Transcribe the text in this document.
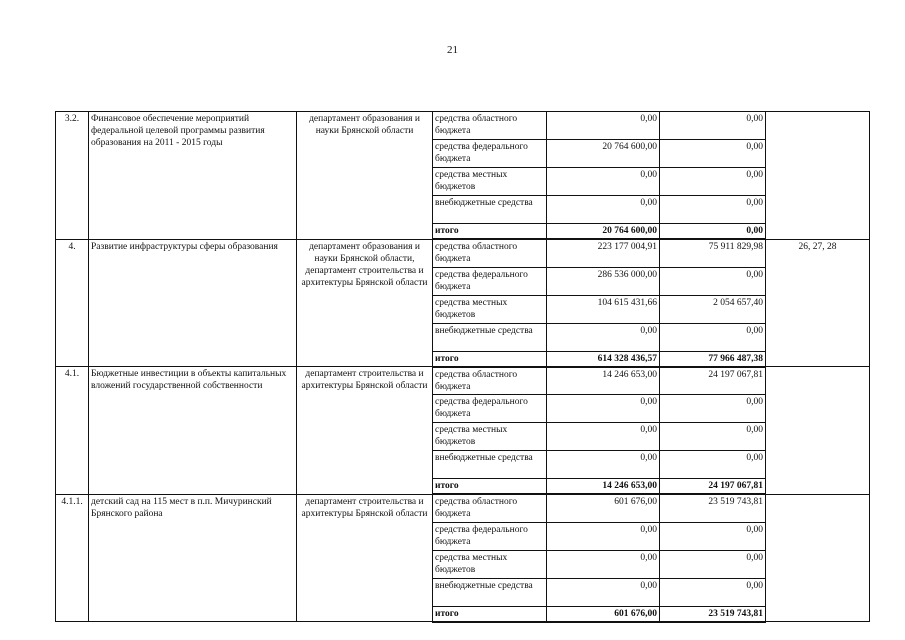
21
3.2.	Финансовое обеспечение мероприятий федеральной целевой программы развития образования на 2011 - 2015 годы	департамент образования и науки Брянской области	средства областного бюджета	0,00	0,00	
			средства федерального бюджета	20 764 600,00	0,00	
			средства местных бюджетов	0,00	0,00	
			внебюджетные средства	0,00	0,00	
			итого	20 764 600,00	0,00	
4.	Развитие инфраструктуры сферы образования	департамент образования и науки Брянской области, департамент строительства и архитектуры Брянской области	средства областного бюджета	223 177 004,91	75 911 829,98	26, 27, 28
			средства федерального бюджета	286 536 000,00	0,00	
			средства местных бюджетов	104 615 431,66	2 054 657,40	
			внебюджетные средства	0,00	0,00	
			итого	614 328 436,57	77 966 487,38	
4.1.	Бюджетные инвестиции в объекты капитальных вложений государственной собственности	департамент строительства и архитектуры Брянской области	средства областного бюджета	14 246 653,00	24 197 067,81	
			средства федерального бюджета	0,00	0,00	
			средства местных бюджетов	0,00	0,00	
			внебюджетные средства	0,00	0,00	
			итого	14 246 653,00	24 197 067,81	
4.1.1.	детский сад на 115 мест в п.п. Мичуринский Брянского района	департамент строительства и архитектуры Брянской области	средства областного бюджета	601 676,00	23 519 743,81	
			средства федерального бюджета	0,00	0,00	
			средства местных бюджетов	0,00	0,00	
			внебюджетные средства	0,00	0,00	
			итого	601 676,00	23 519 743,81	
